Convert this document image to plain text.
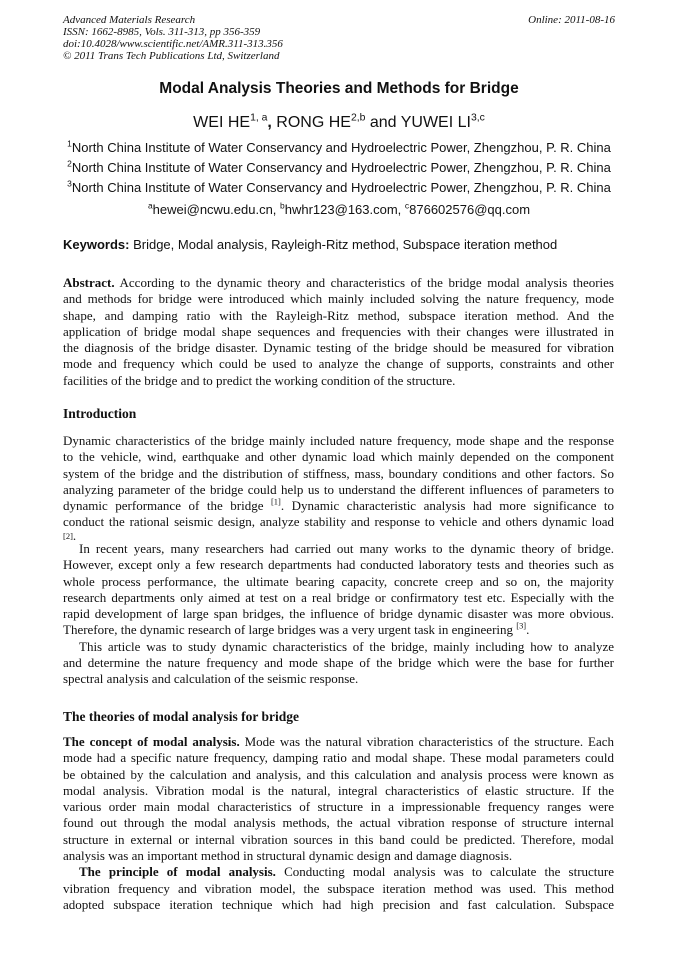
Advanced Materials Research
ISSN: 1662-8985, Vols. 311-313, pp 356-359
doi:10.4028/www.scientific.net/AMR.311-313.356
© 2011 Trans Tech Publications Ltd, Switzerland
Online: 2011-08-16
Modal Analysis Theories and Methods for Bridge
WEI HE$^{1, a}$, RONG HE$^{2,b}$ and YUWEI LI$^{3,c}$
$^1$North China Institute of Water Conservancy and Hydroelectric Power, Zhengzhou, P. R. China
$^2$North China Institute of Water Conservancy and Hydroelectric Power, Zhengzhou, P. R. China
$^3$North China Institute of Water Conservancy and Hydroelectric Power, Zhengzhou, P. R. China
$^a$hewei@ncwu.edu.cn, $^b$hwhr123@163.com, $^c$876602576@qq.com
Keywords: Bridge, Modal analysis, Rayleigh-Ritz method, Subspace iteration method
Abstract. According to the dynamic theory and characteristics of the bridge modal analysis theories
and methods for bridge were introduced which mainly included solving the nature frequency, mode
shape, and damping ratio with the Rayleigh-Ritz method, subspace iteration method. And the
application of bridge modal shape sequences and frequencies with their changes were illustrated in
the diagnosis of the bridge disaster. Dynamic testing of the bridge should be measured for vibration
mode and frequency which could be used to analyze the change of supports, constraints and other
facilities of the bridge and to predict the working condition of the structure.
Introduction
Dynamic characteristics of the bridge mainly included nature frequency, mode shape and the response
to the vehicle, wind, earthquake and other dynamic load which mainly depended on the component
system of the bridge and the distribution of stiffness, mass, boundary conditions and other factors. So
analyzing parameter of the bridge could help us to understand the different influences of parameters to
dynamic performance of the bridge [1]. Dynamic characteristic analysis had more significance to
conduct the rational seismic design, analyze stability and response to vehicle and others dynamic load
[2].
In recent years, many researchers had carried out many works to the dynamic theory of bridge.
However, except only a few research departments had conducted laboratory tests and theories such as
whole process performance, the ultimate bearing capacity, concrete creep and so on, the majority
research departments only aimed at test on a real bridge or confirmatory test etc. Especially with the
rapid development of large span bridges, the influence of bridge dynamic disaster was more obvious.
Therefore, the dynamic research of large bridges was a very urgent task in engineering [3].
This article was to study dynamic characteristics of the bridge, mainly including how to analyze
and determine the nature frequency and mode shape of the bridge which were the base for further
spectral analysis and calculation of the seismic response.
The theories of modal analysis for bridge
The concept of modal analysis. Mode was the natural vibration characteristics of the structure. Each
mode had a specific nature frequency, damping ratio and modal shape. These modal parameters could
be obtained by the calculation and analysis, and this calculation and analysis process were known as
modal analysis. Vibration modal is the natural, integral characteristics of elastic structure. If the
various order main modal characteristics of structure in a impressionable frequency ranges were
found out through the modal analysis methods, the actual vibration response of structure internal
structure in external or internal vibration sources in this band could be predicted. Therefore, modal
analysis was an important method in structural dynamic design and damage diagnosis.
The principle of modal analysis. Conducting modal analysis was to calculate the structure
vibration frequency and vibration model, the subspace iteration method was used. This method
adopted subspace iteration technique which had high precision and fast calculation. Subspace
